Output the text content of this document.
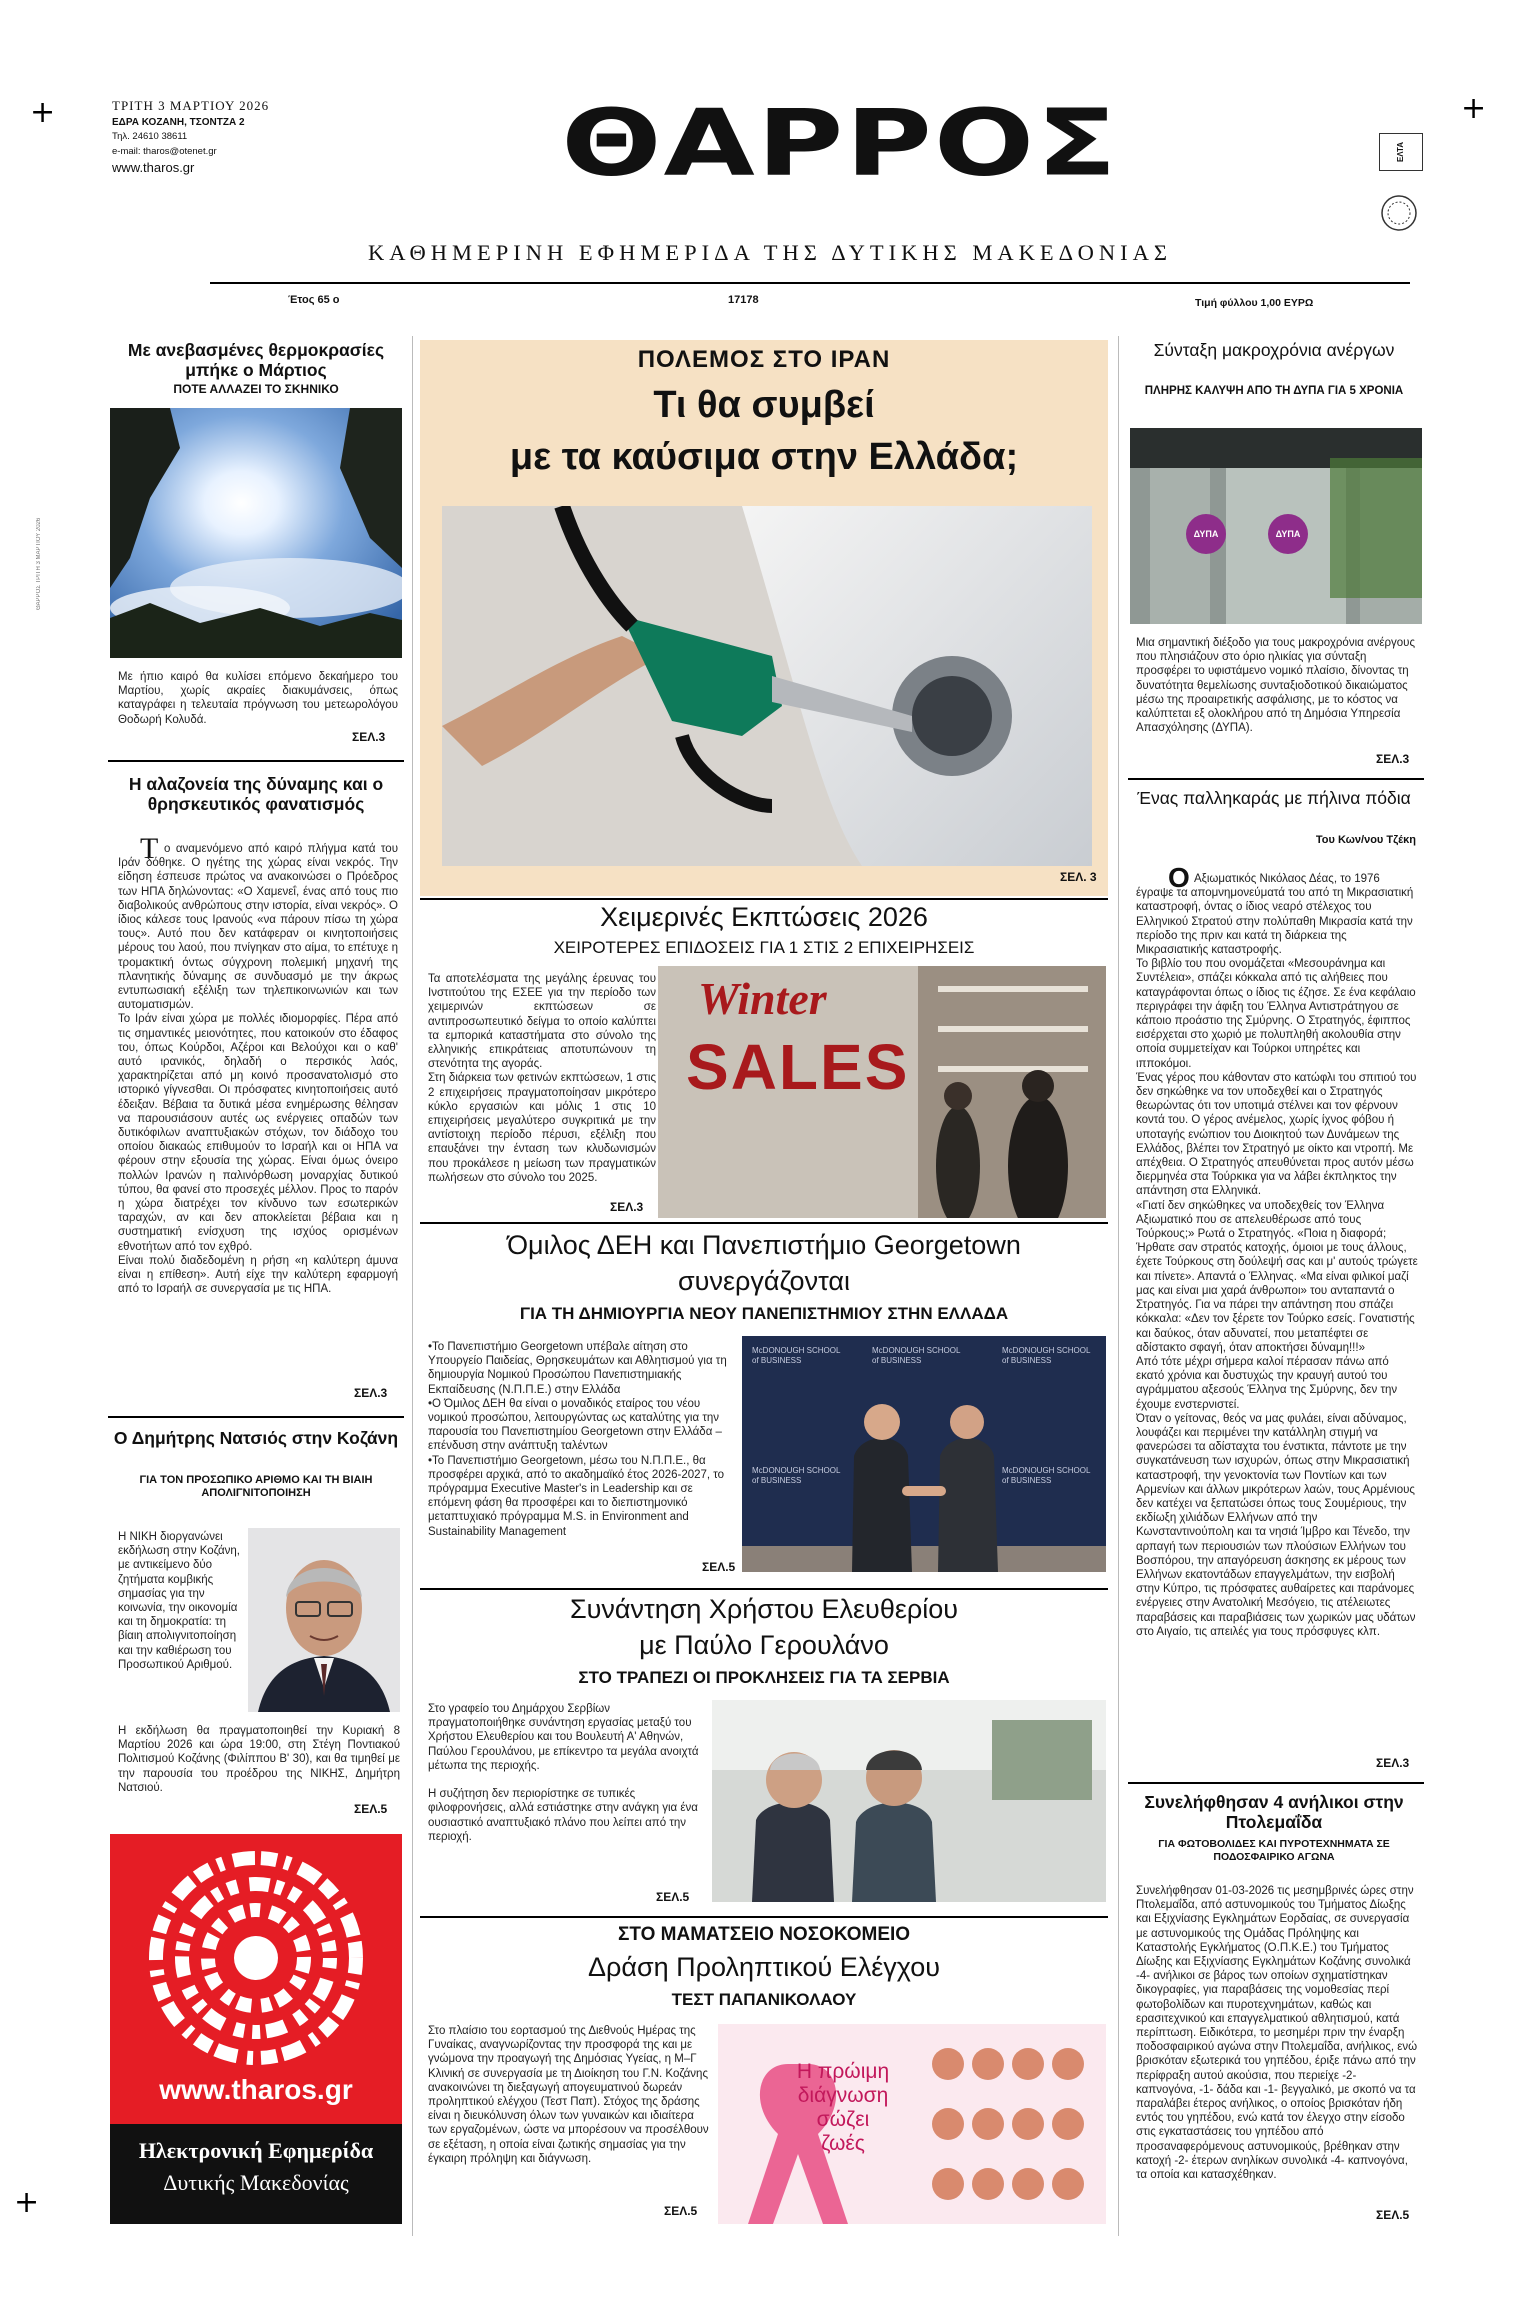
+	+
+
ΘΑΡΡΟΣ ΤΡΙΤΗ 3 ΜΑΡΤΙΟΥ 2026
ΤΡΙΤΗ 3 ΜΑΡΤΙΟΥ 2026
ΕΔΡΑ ΚΟΖΑΝΗ, ΤΣΟΝΤΖΑ 2
Τηλ. 24610 38611
e-mail: tharos@otenet.gr
www.tharos.gr	ΘΑΡΡΟΣ	ΕΛΤΑ
ΚΑΘΗΜΕΡΙΝΗ ΕΦΗΜΕΡΙΔΑ ΤΗΣ ΔΥΤΙΚΗΣ ΜΑΚΕΔΟΝΙΑΣ
Έτος 65 ο	17178	Τιμή φύλλου 1,00 ΕΥΡΩ
Με ανεβασμένες θερμοκρασίες μπήκε ο Μάρτιος
ΠΟΤΕ ΑΛΛΑΖΕΙ ΤΟ ΣΚΗΝΙΚΟ
Με ήπιο καιρό θα κυλίσει επόμενο δεκαήμερο του Μαρτίου, χωρίς ακραίες διακυμάνσεις, όπως καταγράφει η τελευταία πρόγνωση του μετεωρολόγου Θοδωρή Κολυδά.
ΣΕΛ.3
Η αλαζονεία της δύναμης και ο θρησκευτικός φανατισμός
Τ ο αναμενόμενο από καιρό πλήγμα κατά του Ιράν δόθηκε. Ο ηγέτης της χώρας είναι νεκρός. Την είδηση έσπευσε πρώτος να ανακοινώσει ο Πρόεδρος των ΗΠΑ δηλώνοντας: «Ο Χαμενεΐ, ένας από τους πιο διαβολικούς ανθρώπους στην ιστορία, είναι νεκρός». Ο ίδιος κάλεσε τους Ιρανούς «να πάρουν πίσω τη χώρα τους». Αυτό που δεν κατάφεραν οι κινητοποιήσεις μέρους του λαού, που πνίγηκαν στο αίμα, το επέτυχε η τρομακτική όντως σύγχρονη πολεμική μηχανή της πλανητικής δύναμης σε συνδυασμό με την άκρως εντυπωσιακή εξέλιξη των τηλεπικοινωνιών και των αυτοματισμών.
Το Ιράν είναι χώρα με πολλές ιδιομορφίες. Πέρα από τις σημαντικές μειονότητες, που κατοικούν στο έδαφος του, όπως Κούρδοι, Αζέροι και Βελούχοι και ο καθ' αυτό ιρανικός, δηλαδή ο περσικός λαός, χαρακτηρίζεται από μη κοινό προσανατολισμό στο ιστορικό γίγνεσθαι. Οι πρόσφατες κινητοποιήσεις αυτό έδειξαν. Βέβαια τα δυτικά μέσα ενημέρωσης θέλησαν να παρουσιάσουν αυτές ως ενέργειες οπαδών των δυτικόφιλων αναπτυξιακών στόχων, τον διάδοχο του οποίου διακαώς επιθυμούν το Ισραήλ και οι ΗΠΑ να φέρουν στην εξουσία της χώρας. Είναι όμως όνειρο πολλών Ιρανών η παλινόρθωση μοναρχίας δυτικού τύπου, θα φανεί στο προσεχές μέλλον. Προς το παρόν η χώρα διατρέχει τον κίνδυνο των εσωτερικών ταραχών, αν και δεν αποκλείεται βέβαια και η συστηματική ενίσχυση της ισχύος ορισμένων εθνοτήτων από τον εχθρό.
Είναι πολύ διαδεδομένη η ρήση «η καλύτερη άμυνα είναι η επίθεση». Αυτή είχε την καλύτερη εφαρμογή από το Ισραήλ σε συνεργασία με τις ΗΠΑ.
ΣΕΛ.3
Ο Δημήτρης Νατσιός στην Κοζάνη
ΓΙΑ ΤΟΝ ΠΡΟΣΩΠΙΚΟ ΑΡΙΘΜΟ ΚΑΙ ΤΗ ΒΙΑΙΗ ΑΠΟΛΙΓΝΙΤΟΠΟΙΗΣΗ
Η ΝΙΚΗ διοργανώνει εκδήλωση στην Κοζάνη, με αντικείμενο δύο ζητήματα κομβικής σημασίας για την κοινωνία, την οικονομία και τη δημοκρατία: τη βίαιη απολιγνιτοποίηση και την καθιέρωση του Προσωπικού Αριθμού.
Η εκδήλωση θα πραγματοποιηθεί την Κυριακή 8 Μαρτίου 2026 και ώρα 19:00, στη Στέγη Ποντιακού Πολιτισμού Κοζάνης (Φιλίππου Β' 30), και θα τιμηθεί με την παρουσία του προέδρου της ΝΙΚΗΣ, Δημήτρη Νατσιού.
ΣΕΛ.5
www.tharos.gr
Ηλεκτρονική Εφημερίδα
Δυτικής Μακεδονίας
ΠΟΛΕΜΟΣ ΣΤΟ ΙΡΑΝ
Τι θα συμβεί
με τα καύσιμα στην Ελλάδα;
ΣΕΛ. 3
Χειμερινές Εκπτώσεις 2026
ΧΕΙΡΟΤΕΡΕΣ ΕΠΙΔΟΣΕΙΣ ΓΙΑ 1 ΣΤΙΣ 2 ΕΠΙΧΕΙΡΗΣΕΙΣ
Τα αποτελέσματα της μεγάλης έρευνας του Ινστιτούτου της ΕΣΕΕ για την περίοδο των χειμερινών εκπτώσεων σε αντιπροσωπευτικό δείγμα το οποίο καλύπτει τα εμπορικά καταστήματα στο σύνολο της ελληνικής επικράτειας αποτυπώνουν τη στενότητα της αγοράς.
Στη διάρκεια των φετινών εκπτώσεων, 1 στις 2 επιχειρήσεις πραγματοποίησαν μικρότερο κύκλο εργασιών και μόλις 1 στις 10 επιχειρήσεις μεγαλύτερο συγκριτικά με την αντίστοιχη περίοδο πέρυσι, εξέλιξη που επαυξάνει την ένταση των κλυδωνισμών που προκάλεσε η μείωση των πραγματικών πωλήσεων στο σύνολο του 2025.
Winter
SALES
ΣΕΛ.3
Όμιλος ΔΕΗ και Πανεπιστήμιο Georgetown
συνεργάζονται
ΓΙΑ ΤΗ ΔΗΜΙΟΥΡΓΙΑ ΝΕΟΥ ΠΑΝΕΠΙΣΤΗΜΙΟΥ ΣΤΗΝ ΕΛΛΑΔΑ
•Το Πανεπιστήμιο Georgetown υπέβαλε αίτηση στο Υπουργείο Παιδείας, Θρησκευμάτων και Αθλητισμού για τη δημιουργία Νομικού Προσώπου Πανεπιστημιακής Εκπαίδευσης (Ν.Π.Π.Ε.) στην Ελλάδα
•Ο Όμιλος ΔΕΗ θα είναι ο μοναδικός εταίρος του νέου νομικού προσώπου, λειτουργώντας ως καταλύτης για την παρουσία του Πανεπιστημίου Georgetown στην Ελλάδα – επένδυση στην ανάπτυξη ταλέντων
•Το Πανεπιστήμιο Georgetown, μέσω του Ν.Π.Π.Ε., θα προσφέρει αρχικά, από το ακαδημαϊκό έτος 2026-2027, το πρόγραμμα Executive Master's in Leadership και σε επόμενη φάση θα προσφέρει και το διεπιστημονικό μεταπτυχιακό πρόγραμμα M.S. in Environment and Sustainability Management
McDONOUGH SCHOOL of BUSINESS
McDONOUGH SCHOOL of BUSINESS
McDONOUGH SCHOOL of BUSINESS
McDONOUGH SCHOOL of BUSINESS
McDONOUGH SCHOOL of BUSINESS
ΣΕΛ.5
Συνάντηση Χρήστου Ελευθερίου
με Παύλο Γερουλάνο
ΣΤΟ ΤΡΑΠΕΖΙ ΟΙ ΠΡΟΚΛΗΣΕΙΣ ΓΙΑ ΤΑ ΣΕΡΒΙΑ
Στο γραφείο του Δημάρχου Σερβίων πραγματοποιήθηκε συνάντηση εργασίας μεταξύ του Χρήστου Ελευθερίου και του Βουλευτή Α' Αθηνών, Παύλου Γερουλάνου, με επίκεντρο τα μεγάλα ανοιχτά μέτωπα της περιοχής.

Η συζήτηση δεν περιορίστηκε σε τυπικές φιλοφρονήσεις, αλλά εστιάστηκε στην ανάγκη για ένα ουσιαστικό αναπτυξιακό πλάνο που λείπει από την περιοχή.
ΣΕΛ.5
ΣΤΟ ΜΑΜΑΤΣΕΙΟ ΝΟΣΟΚΟΜΕΙΟ
Δράση Προληπτικού Ελέγχου
ΤΕΣΤ ΠΑΠΑΝΙΚΟΛΑΟΥ
Στο πλαίσιο του εορτασμού της Διεθνούς Ημέρας της Γυναίκας, αναγνωρίζοντας την προσφορά της και με γνώμονα την προαγωγή της Δημόσιας Υγείας, η Μ–Γ Κλινική σε συνεργασία με τη Διοίκηση του Γ.Ν. Κοζάνης ανακοινώνει τη διεξαγωγή απογευματινού δωρεάν προληπτικού ελέγχου (Τεστ Παπ). Στόχος της δράσης είναι η διευκόλυνση όλων των γυναικών και ιδιαίτερα των εργαζομένων, ώστε να μπορέσουν να προσέλθουν σε εξέταση, η οποία είναι ζωτικής σημασίας για την έγκαιρη πρόληψη και διάγνωση.
Η πρώιμη
διάγνωση
σώζει
ζωές
ΣΕΛ.5
Σύνταξη μακροχρόνια ανέργων
ΠΛΗΡΗΣ ΚΑΛΥΨΗ ΑΠΟ ΤΗ ΔΥΠΑ ΓΙΑ 5 ΧΡΟΝΙΑ
ΔΥΠΑ	ΔΥΠΑ
Μια σημαντική διέξοδο για τους μακροχρόνια ανέργους που πλησιάζουν στο όριο ηλικίας για σύνταξη προσφέρει το υφιστάμενο νομικό πλαίσιο, δίνοντας τη δυνατότητα θεμελίωσης συνταξιοδοτικού δικαιώματος μέσω της προαιρετικής ασφάλισης, με το κόστος να καλύπτεται εξ ολοκλήρου από τη Δημόσια Υπηρεσία Απασχόλησης (ΔΥΠΑ).
ΣΕΛ.3
Ένας παλληκαράς με πήλινα πόδια
Του Κων/νου Τζέκη
Ο Αξιωματικός Νικόλαος Δέας, το 1976 έγραψε τα απομνημονεύματά του από τη Μικρασιατική καταστροφή, όντας ο ίδιος νεαρό στέλεχος του Ελληνικού Στρατού στην πολύπαθη Μικρασία κατά την περίοδο της πριν και κατά τη διάρκεια της Μικρασιατικής καταστροφής.
Το βιβλίο του που ονομάζεται «Μεσουράνημα και Συντέλεια», σπάζει κόκκαλα από τις αλήθειες που καταγράφονται όπως ο ίδιος τις έζησε. Σε ένα κεφάλαιο περιγράφει την άφιξη του Έλληνα Αντιστράτηγου σε κάποιο προάστιο της Σμύρνης. Ο Στρατηγός, έφιππος εισέρχεται στο χωριό με πολυπληθή ακολουθία στην οποία συμμετείχαν και Τούρκοι υπηρέτες και ιπποκόμοι.
Ένας γέρος που κάθονταν στο κατώφλι του σπιτιού του δεν σηκώθηκε να τον υποδεχθεί και ο Στρατηγός θεωρώντας ότι τον υποτιμά στέλνει και τον φέρνουν κοντά του. Ο γέρος ανέμελος, χωρίς ίχνος φόβου ή υποταγής ενώπιον του Διοικητού των Δυνάμεων της Ελλάδος, βλέπει τον Στρατηγό με οίκτο και ντροπή. Με απέχθεια. Ο Στρατηγός απευθύνεται προς αυτόν μέσω διερμηνέα στα Τούρκικα για να λάβει έκπληκτος την απάντηση στα Ελληνικά.
«Γιατί δεν σηκώθηκες να υποδεχθείς τον Έλληνα Αξιωματικό που σε απελευθέρωσε από τους Τούρκους;» Ρωτά ο Στρατηγός. «Ποια η διαφορά; Ήρθατε σαν στρατός κατοχής, όμοιοι με τους άλλους, έχετε Τούρκους στη δούλεψή σας και μ' αυτούς τρώγετε και πίνετε». Απαντά ο Έλληνας. «Μα είναι φιλικοί μαζί μας και είναι μια χαρά άνθρωποι» του ανταπαντά ο Στρατηγός. Για να πάρει την απάντηση που σπάζει κόκκαλα: «Δεν τον ξέρετε τον Τούρκο εσείς. Γονατιστής και δαύκος, όταν αδυνατεί, που μεταπέφτει σε αδίστακτο σφαγή, όταν αποκτήσει δύναμη!!!»
Από τότε μέχρι σήμερα καλοί πέρασαν πάνω από εκατό χρόνια και δυστυχώς την κραυγή αυτού του αγράμματου αξεσούς Έλληνα της Σμύρνης, δεν την έχουμε ενστερνιστεί.
Όταν ο γείτονας, θεός να μας φυλάει, είναι αδύναμος, λουφάζει και περιμένει την κατάλληλη στιγμή να φανερώσει τα αδίσταχτα του ένστικτα, πάντοτε με την συγκατάνευση των ισχυρών, όπως στην Μικρασιατική καταστροφή, την γενοκτονία των Ποντίων και των Αρμενίων και άλλων μικρότερων λαών, τους Αρμένιους δεν κατέχει να ξεπατώσει όπως τους Σουμέριους, την εκδίωξη χιλιάδων Ελλήνων από την Κωνσταντινούπολη και τα νησιά Ίμβρο και Τένεδο, την αρπαγή των περιουσιών των πλούσιων Ελλήνων του Βοσπόρου, την απαγόρευση άσκησης εκ μέρους των Ελλήνων εκατοντάδων επαγγελμάτων, την εισβολή στην Κύπρο, τις πρόσφατες αυθαίρετες και παράνομες ενέργειες στην Ανατολική Μεσόγειο, τις ατέλειωτες παραβάσεις και παραβιάσεις των χωρικών μας υδάτων στο Αιγαίο, τις απειλές για τους πρόσφυγες κλπ.
ΣΕΛ.3
Συνελήφθησαν 4 ανήλικοι στην Πτολεμαΐδα
ΓΙΑ ΦΩΤΟΒΟΛΙΔΕΣ ΚΑΙ ΠΥΡΟΤΕΧΝΗΜΑΤΑ ΣΕ ΠΟΔΟΣΦΑΙΡΙΚΟ ΑΓΩΝΑ
Συνελήφθησαν 01-03-2026 τις μεσημβρινές ώρες στην Πτολεμαΐδα, από αστυνομικούς του Τμήματος Δίωξης και Εξιχνίασης Εγκλημάτων Εορδαίας, σε συνεργασία με αστυνομικούς της Ομάδας Πρόληψης και Καταστολής Εγκλήματος (Ο.Π.Κ.Ε.) του Τμήματος Δίωξης και Εξιχνίασης Εγκλημάτων Κοζάνης συνολικά -4- ανήλικοι σε βάρος των οποίων σχηματίστηκαν δικογραφίες, για παραβάσεις της νομοθεσίας περί φωτοβολίδων και πυροτεχνημάτων, καθώς και ερασιτεχνικού και επαγγελματικού αθλητισμού, κατά περίπτωση. Ειδικότερα, το μεσημέρι πριν την έναρξη ποδοσφαιρικού αγώνα στην Πτολεμαΐδα, ανήλικος, ενώ βρισκόταν εξωτερικά του γηπέδου, έριξε πάνω από την περίφραξη αυτού ακούσια, που περιείχε -2- καπνογόνα, -1- δάδα και -1- βεγγαλικό, με σκοπό να τα παραλάβει έτερος ανήλικος, ο οποίος βρισκόταν ήδη εντός του γηπέδου, ενώ κατά τον έλεγχο στην είσοδο στις εγκαταστάσεις του γηπέδου από προσαναφερόμενους αστυνομικούς, βρέθηκαν στην κατοχή -2- έτερων ανηλίκων συνολικά -4- καπνογόνα, τα οποία και κατασχέθηκαν.
ΣΕΛ.5
